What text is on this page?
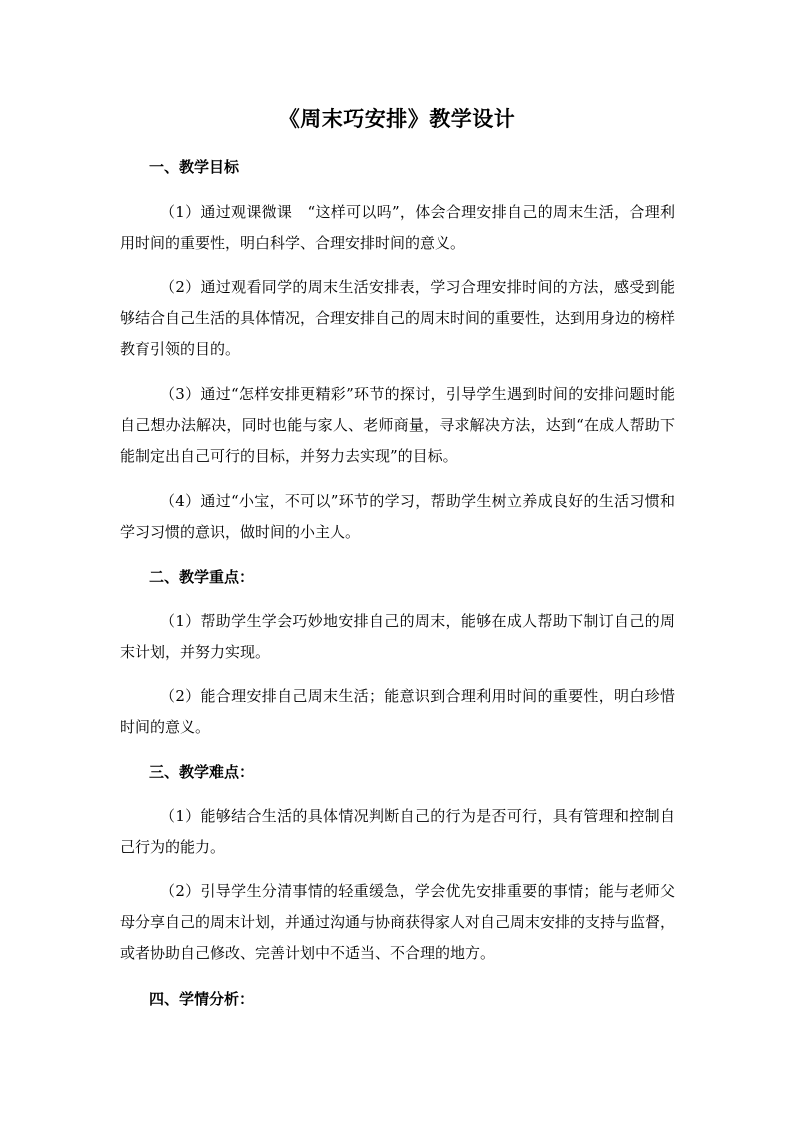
《周末巧安排》教学设计
一、教学目标
（1）通过观课微课　“这样可以吗”，体会合理安排自己的周末生活，合理利用时间的重要性，明白科学、合理安排时间的意义。
（2）通过观看同学的周末生活安排表，学习合理安排时间的方法，感受到能够结合自己生活的具体情况，合理安排自己的周末时间的重要性，达到用身边的榜样教育引领的目的。
（3）通过“怎样安排更精彩”环节的探讨，引导学生遇到时间的安排问题时能自己想办法解决，同时也能与家人、老师商量，寻求解决方法，达到“在成人帮助下能制定出自己可行的目标，并努力去实现”的目标。
（4）通过“小宝，不可以”环节的学习，帮助学生树立养成良好的生活习惯和学习习惯的意识，做时间的小主人。
二、教学重点：
（1）帮助学生学会巧妙地安排自己的周末，能够在成人帮助下制订自己的周末计划，并努力实现。
（2）能合理安排自己周末生活；能意识到合理利用时间的重要性，明白珍惜时间的意义。
三、教学难点：
（1）能够结合生活的具体情况判断自己的行为是否可行，具有管理和控制自己行为的能力。
（2）引导学生分清事情的轻重缓急，学会优先安排重要的事情；能与老师父母分享自己的周末计划，并通过沟通与协商获得家人对自己周末安排的支持与监督，或者协助自己修改、完善计划中不适当、不合理的地方。
四、学情分析：
